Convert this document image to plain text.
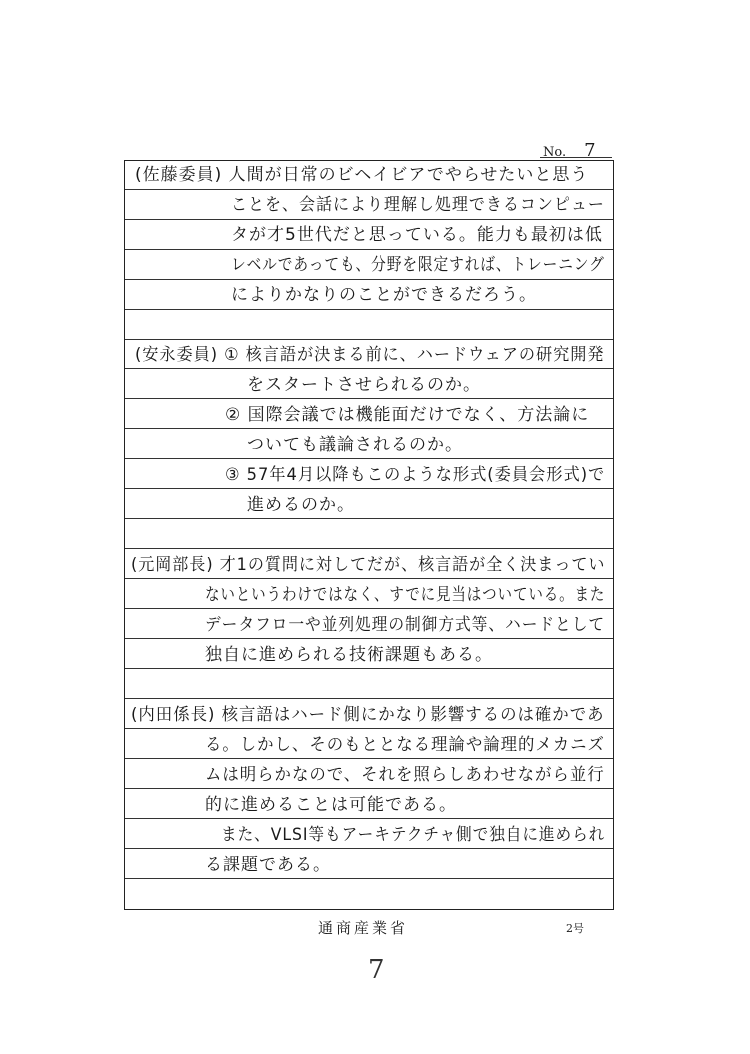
No. 7
(佐藤委員) 人間が日常のビヘイビアでやらせたいと思う
ことを、会話により理解し処理できるコンピュー
タが才5世代だと思っている。能力も最初は低
レベルであっても、分野を限定すれば、トレーニング
によりかなりのことができるだろう。
(安永委員) ① 核言語が決まる前に、ハードウェアの研究開発
をスタートさせられるのか。
② 国際会議では機能面だけでなく、方法論に
ついても議論されるのか。
③ 57年4月以降もこのような形式(委員会形式)で
進めるのか。
(元岡部長) 才1の質問に対してだが、核言語が全く決まってい
ないというわけではなく、すでに見当はついている。また
データフロ一や並列処理の制御方式等、ハードとして
独自に進められる技術課題もある。
(内田係長) 核言語はハード側にかなり影響するのは確かであ
る。しかし、そのもととなる理論や論理的メカニズ
ムは明らかなので、それを照らしあわせながら並行
的に進めることは可能である。
また、VLSI等もアーキテクチャ側で独自に進められ
る課題である。
通商産業省	2号
7
